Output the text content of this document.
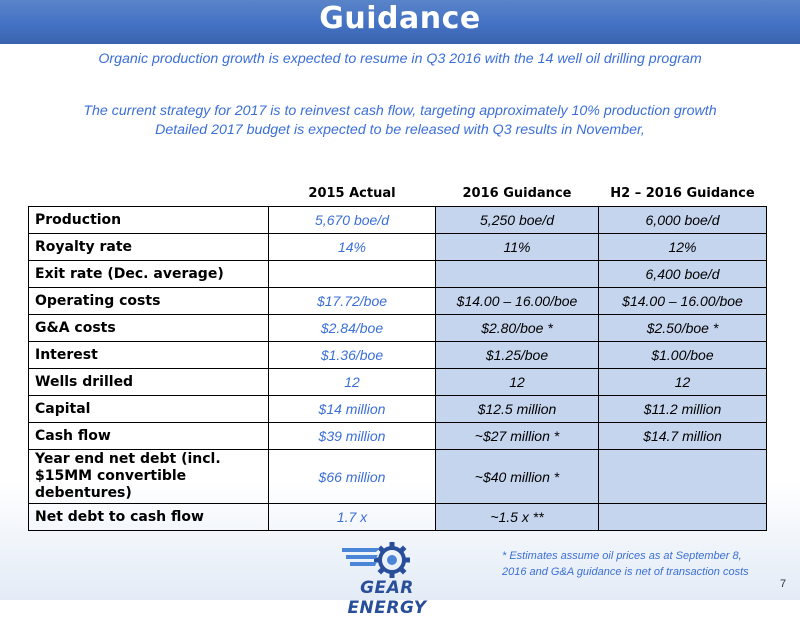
Guidance
Organic production growth is expected to resume in Q3 2016 with the 14 well oil drilling program
The current strategy for 2017 is to reinvest cash flow, targeting approximately 10% production growth
Detailed 2017 budget is expected to be released with Q3 results in November,
	2015 Actual	2016 Guidance	H2 – 2016 Guidance
Production	5,670 boe/d	5,250 boe/d	6,000 boe/d
Royalty rate	14%	11%	12%
Exit rate (Dec. average)			6,400 boe/d
Operating costs	$17.72/boe	$14.00 – 16.00/boe	$14.00 – 16.00/boe
G&A costs	$2.84/boe	$2.80/boe *	$2.50/boe *
Interest	$1.36/boe	$1.25/boe	$1.00/boe
Wells drilled	12	12	12
Capital	$14 million	$12.5 million	$11.2 million
Cash flow	$39 million	~$27 million *	$14.7 million
Year end net debt (incl. $15MM convertible debentures)	$66 million	~$40 million *	
Net debt to cash flow	1.7 x	~1.5 x **	
GEAR ENERGY
* Estimates assume oil prices as at September 8,
2016 and G&A guidance is net of transaction costs
7
